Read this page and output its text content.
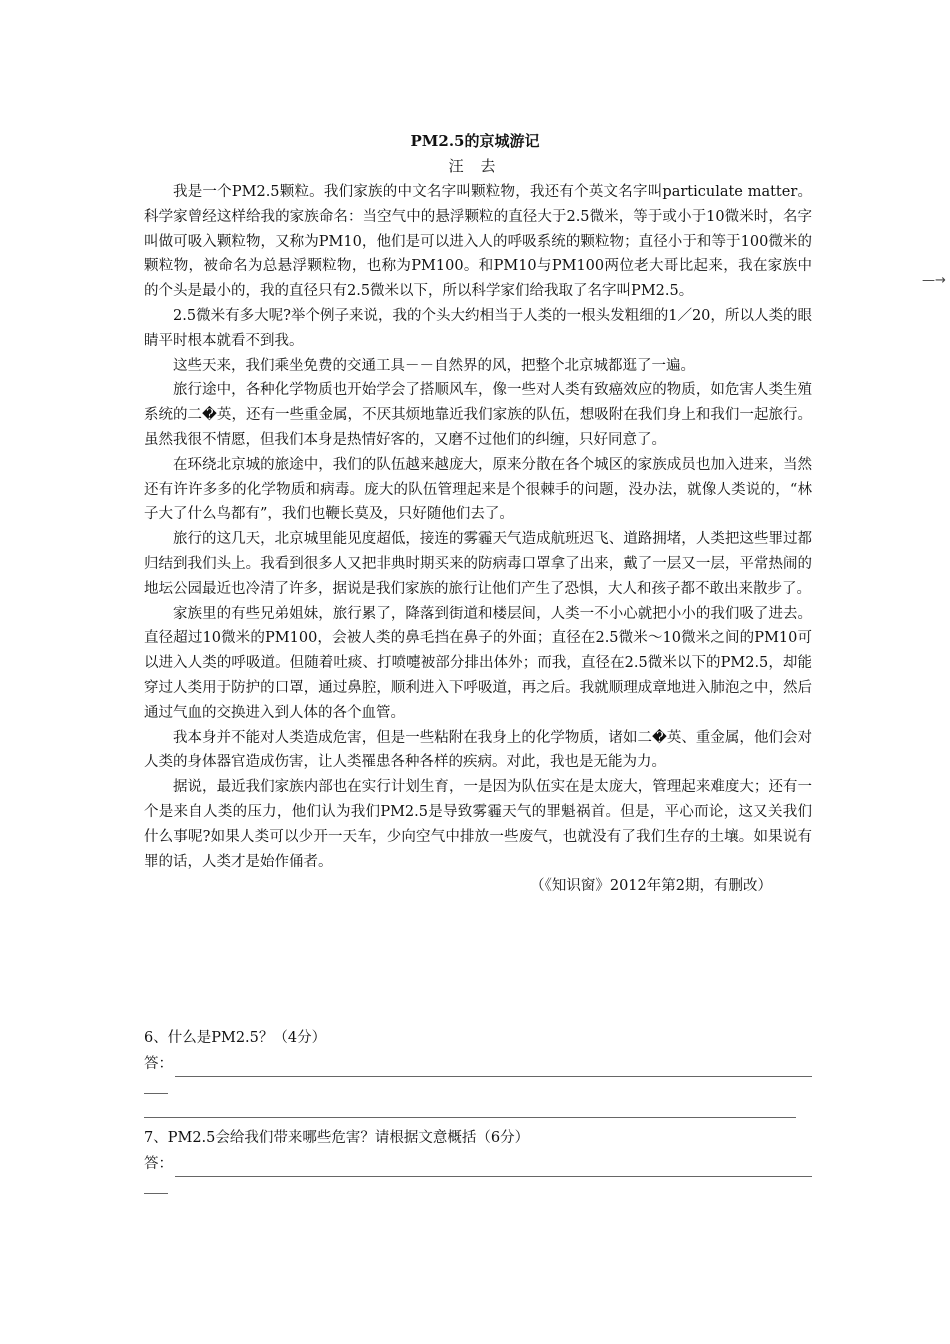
PM2.5的京城游记
汪 去

我是一个PM2.5颗粒。我们家族的中文名字叫颗粒物，我还有个英文名字叫particulate matter。科学家曾经这样给我的家族命名：当空气中的悬浮颗粒的直径大于2.5微米，等于或小于10微米时，名字叫做可吸入颗粒物，又称为PM10，他们是可以进入人的呼吸系统的颗粒物；直径小于和等于100微米的颗粒物，被命名为总悬浮颗粒物，也称为PM100。和PM10与PM100两位老大哥比起来，我在家族中的个头是最小的，我的直径只有2.5微米以下，所以科学家们给我取了名字叫PM2.5。

2.5微米有多大呢?举个例子来说，我的个头大约相当于人类的一根头发粗细的1／20，所以人类的眼睛平时根本就看不到我。

这些天来，我们乘坐免费的交通工具－－自然界的风，把整个北京城都逛了一遍。

旅行途中，各种化学物质也开始学会了搭顺风车，像一些对人类有致癌效应的物质，如危害人类生殖系统的二�英，还有一些重金属，不厌其烦地靠近我们家族的队伍，想吸附在我们身上和我们一起旅行。虽然我很不情愿，但我们本身是热情好客的，又磨不过他们的纠缠，只好同意了。

在环绕北京城的旅途中，我们的队伍越来越庞大，原来分散在各个城区的家族成员也加入进来，当然还有许许多多的化学物质和病毒。庞大的队伍管理起来是个很棘手的问题，没办法，就像人类说的，“林子大了什么鸟都有”，我们也鞭长莫及，只好随他们去了。

旅行的这几天，北京城里能见度超低，接连的雾霾天气造成航班迟飞、道路拥堵，人类把这些罪过都归结到我们头上。我看到很多人又把非典时期买来的防病毒口罩拿了出来，戴了一层又一层，平常热闹的地坛公园最近也冷清了许多，据说是我们家族的旅行让他们产生了恐惧，大人和孩子都不敢出来散步了。

家族里的有些兄弟姐妹，旅行累了，降落到街道和楼层间，人类一不小心就把小小的我们吸了进去。直径超过10微米的PM100，会被人类的鼻毛挡在鼻子的外面；直径在2.5微米～10微米之间的PM10可以进入人类的呼吸道。但随着吐痰、打喷嚏被部分排出体外；而我，直径在2.5微米以下的PM2.5，却能穿过人类用于防护的口罩，通过鼻腔，顺利进入下呼吸道，再之后。我就顺理成章地进入肺泡之中，然后通过气血的交换进入到人体的各个血管。

我本身并不能对人类造成危害，但是一些粘附在我身上的化学物质，诸如二�英、重金属，他们会对人类的身体器官造成伤害，让人类罹患各种各样的疾病。对此，我也是无能为力。

据说，最近我们家族内部也在实行计划生育，一是因为队伍实在是太庞大，管理起来难度大；还有一个是来自人类的压力，他们认为我们PM2.5是导致雾霾天气的罪魁祸首。但是，平心而论，这又关我们什么事呢?如果人类可以少开一天车，少向空气中排放一些废气，也就没有了我们生存的土壤。如果说有罪的话，人类才是始作俑者。

（《知识窗》2012年第2期，有删改）

6、什么是PM2.5？（4分）

答：

7、PM2.5会给我们带来哪些危害？请根据文意概括（6分）

答：
—→
